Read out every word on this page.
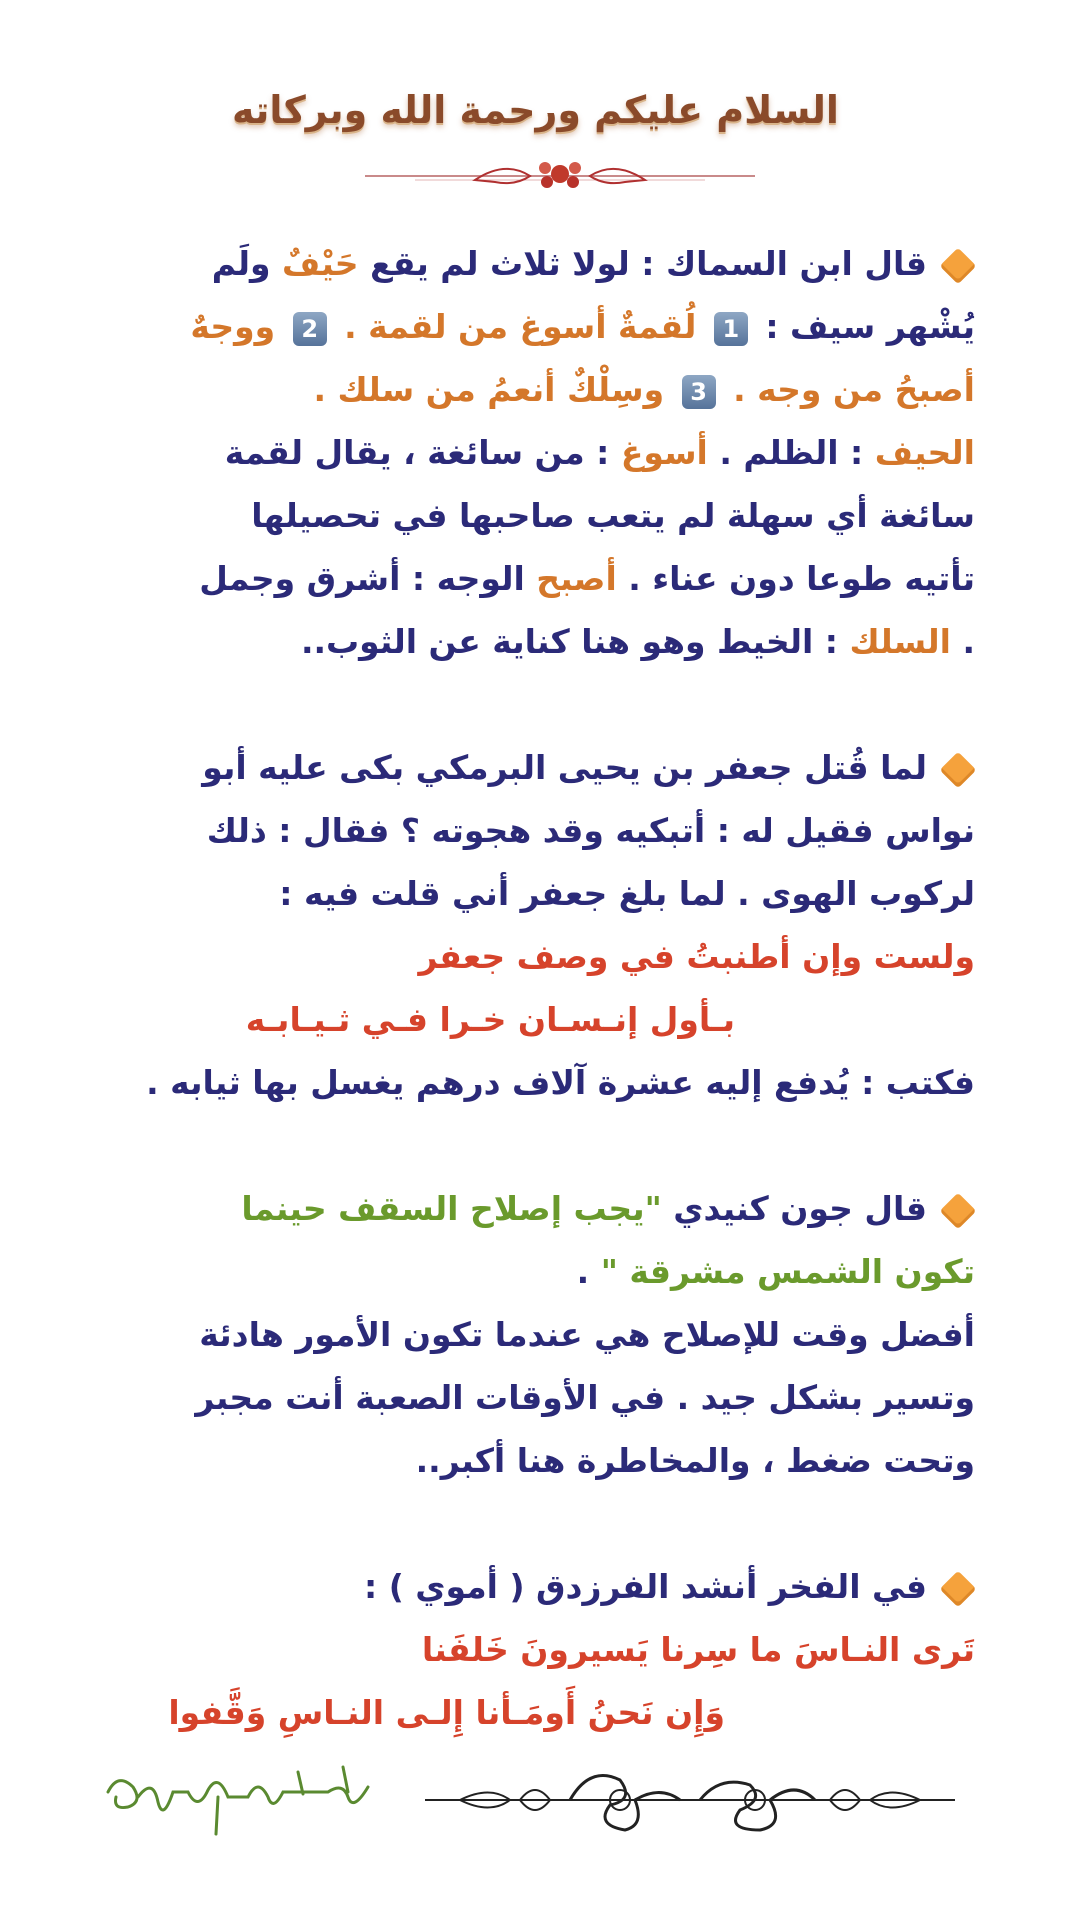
السلام عليكم ورحمة الله وبركاته

قال ابن السماك : لولا ثلاث لم يقع حَيْفٌ ولَم

يُشْهر سيف : 1 لُقمةٌ أسوغ من لقمة . 2 ووجهٌ

أصبحُ من وجه . 3 وسِلْكٌ أنعمُ من سلك .

الحيف : الظلم . أسوغ : من سائغة ، يقال لقمة

سائغة أي سهلة لم يتعب صاحبها في تحصيلها

تأتيه طوعا دون عناء . أصبح الوجه : أشرق وجمل

. السلك : الخيط وهو هنا كناية عن الثوب..

لما قُتل جعفر بن يحيى البرمكي بكى عليه أبو

نواس فقيل له : أتبكيه وقد هجوته ؟ فقال : ذلك

لركوب الهوى . لما بلغ جعفر أني قلت فيه :

ولست وإن أطنبتُ في وصف جعفر

بـأول إنـسـان خـرا فـي ثـيـابـه

فكتب : يُدفع إليه عشرة آلاف درهم يغسل بها ثيابه .

قال جون كنيدي "يجب إصلاح السقف حينما

تكون الشمس مشرقة " .

أفضل وقت للإصلاح هي عندما تكون الأمور هادئة

وتسير بشكل جيد . في الأوقات الصعبة أنت مجبر

وتحت ضغط ، والمخاطرة هنا أكبر..

في الفخر أنشد الفرزدق ( أموي ) :

تَرى النـاسَ ما سِرنا يَسيرونَ خَلفَنا

وَإِن نَحنُ أَومَـأنا إِلـى النـاسِ وَقَّفوا
